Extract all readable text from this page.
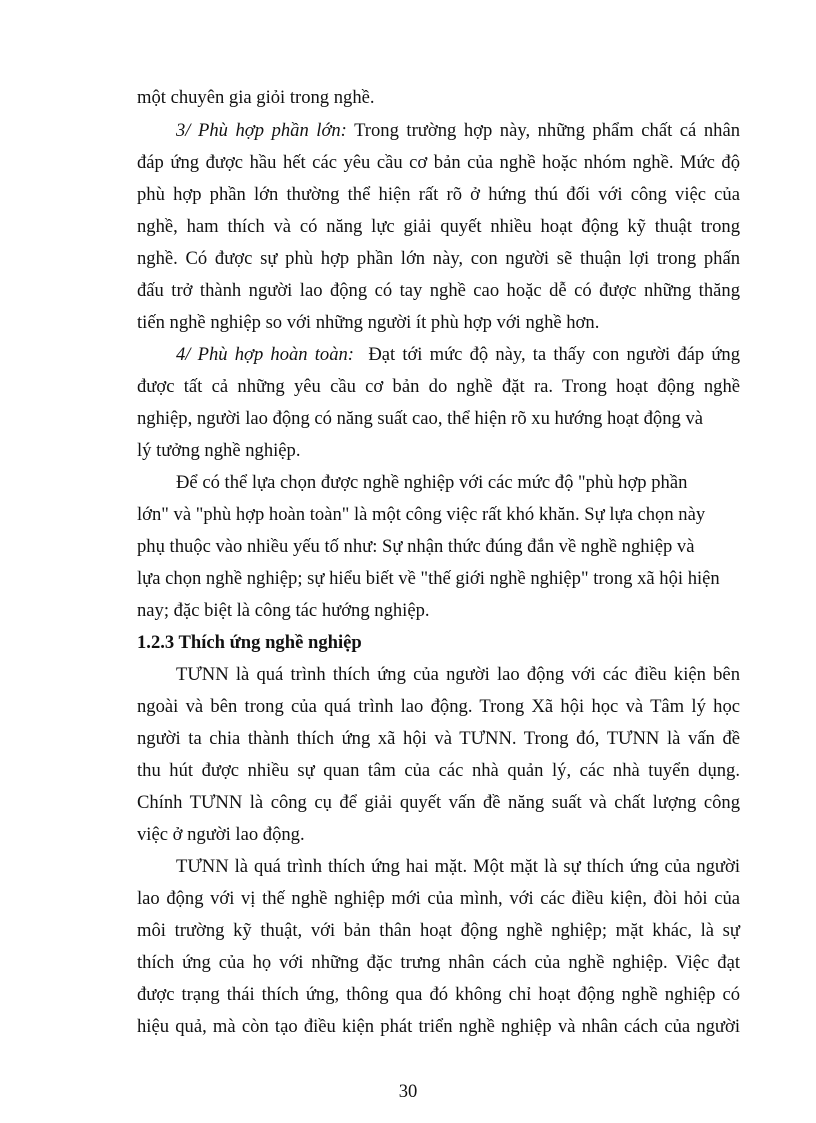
một chuyên gia giỏi trong nghề.
3/ Phù hợp phần lớn: Trong trường hợp này, những phẩm chất cá nhân
đáp ứng được hầu hết các yêu cầu cơ bản của nghề hoặc nhóm nghề. Mức độ
phù hợp phần lớn thường thể hiện rất rõ ở hứng thú đối với công việc của
nghề, ham thích và có năng lực giải quyết nhiều hoạt động kỹ thuật trong
nghề. Có được sự phù hợp phần lớn này, con người sẽ thuận lợi trong phấn
đấu trở thành người lao động có tay nghề cao hoặc dễ có được những thăng
tiến nghề nghiệp so với những người ít phù hợp với nghề hơn.
4/ Phù hợp hoàn toàn: Đạt tới mức độ này, ta thấy con người đáp ứng
được tất cả những yêu cầu cơ bản do nghề đặt ra. Trong hoạt động nghề
nghiệp, người lao động có năng suất cao, thể hiện rõ xu hướng hoạt động và
lý tưởng nghề nghiệp.
Để có thể lựa chọn được nghề nghiệp với các mức độ "phù hợp phần
lớn" và "phù hợp hoàn toàn" là một công việc rất khó khăn. Sự lựa chọn này
phụ thuộc vào nhiều yếu tố như: Sự nhận thức đúng đắn về nghề nghiệp và
lựa chọn nghề nghiệp; sự hiểu biết về "thế giới nghề nghiệp" trong xã hội hiện
nay; đặc biệt là công tác hướng nghiệp.
1.2.3 Thích ứng nghề nghiệp
TƯNN là quá trình thích ứng của người lao động với các điều kiện bên
ngoài và bên trong của quá trình lao động. Trong Xã hội học và Tâm lý học
người ta chia thành thích ứng xã hội và TƯNN. Trong đó, TƯNN là vấn đề
thu hút được nhiều sự quan tâm của các nhà quản lý, các nhà tuyển dụng.
Chính TƯNN là công cụ để giải quyết vấn đề năng suất và chất lượng công
việc ở người lao động.
TƯNN là quá trình thích ứng hai mặt. Một mặt là sự thích ứng của người
lao động với vị thế nghề nghiệp mới của mình, với các điều kiện, đòi hỏi của
môi trường kỹ thuật, với bản thân hoạt động nghề nghiệp; mặt khác, là sự
thích ứng của họ với những đặc trưng nhân cách của nghề nghiệp. Việc đạt
được trạng thái thích ứng, thông qua đó không chỉ hoạt động nghề nghiệp có
hiệu quả, mà còn tạo điều kiện phát triển nghề nghiệp và nhân cách của người
30
